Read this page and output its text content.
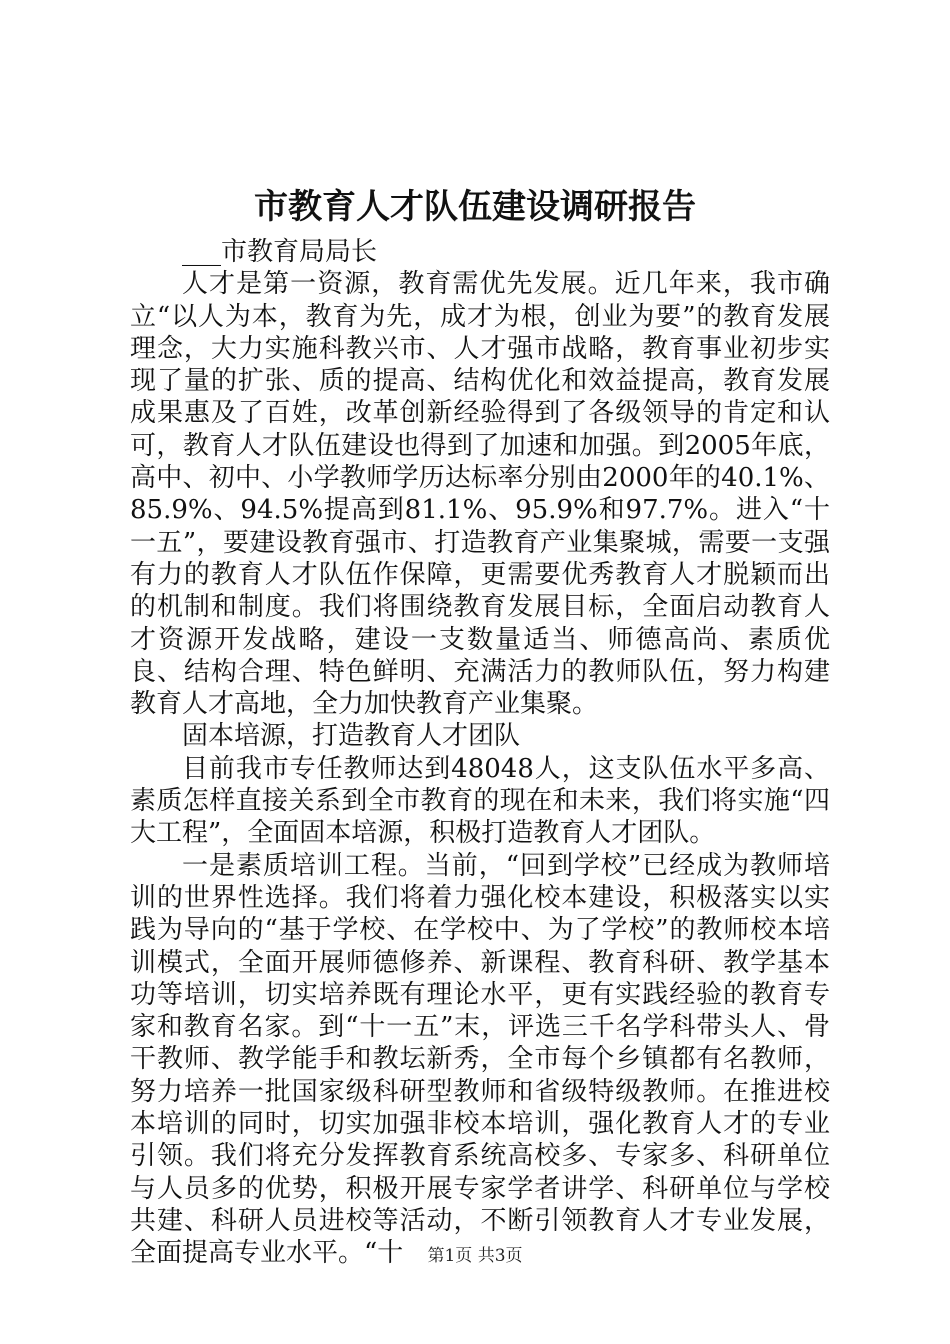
市教育人才队伍建设调研报告

___市教育局局长

人才是第一资源，教育需优先发展。近几年来，我市确立“以人为本，教育为先，成才为根，创业为要”的教育发展理念，大力实施科教兴市、人才强市战略，教育事业初步实现了量的扩张、质的提高、结构优化和效益提高，教育发展成果惠及了百姓，改革创新经验得到了各级领导的肯定和认可，教育人才队伍建设也得到了加速和加强。到2005年底，高中、初中、小学教师学历达标率分别由2000年的40.1%、85.9%、94.5%提高到81.1%、95.9%和97.7%。进入“十一五”，要建设教育强市、打造教育产业集聚城，需要一支强有力的教育人才队伍作保障，更需要优秀教育人才脱颖而出的机制和制度。我们将围绕教育发展目标，全面启动教育人才资源开发战略，建设一支数量适当、师德高尚、素质优良、结构合理、特色鲜明、充满活力的教师队伍，努力构建教育人才高地，全力加快教育产业集聚。

固本培源，打造教育人才团队

目前我市专任教师达到48048人，这支队伍水平多高、素质怎样直接关系到全市教育的现在和未来，我们将实施“四大工程”，全面固本培源，积极打造教育人才团队。

一是素质培训工程。当前，“回到学校”已经成为教师培训的世界性选择。我们将着力强化校本建设，积极落实以实践为导向的“基于学校、在学校中、为了学校”的教师校本培训模式，全面开展师德修养、新课程、教育科研、教学基本功等培训，切实培养既有理论水平，更有实践经验的教育专家和教育名家。到“十一五”末，评选三千名学科带头人、骨干教师、教学能手和教坛新秀，全市每个乡镇都有名教师，努力培养一批国家级科研型教师和省级特级教师。在推进校本培训的同时，切实加强非校本培训，强化教育人才的专业引领。我们将充分发挥教育系统高校多、专家多、科研单位与人员多的优势，积极开展专家学者讲学、科研单位与学校共建、科研人员进校等活动，不断引领教育人才专业发展，全面提高专业水平。“十	第1页 共3页
